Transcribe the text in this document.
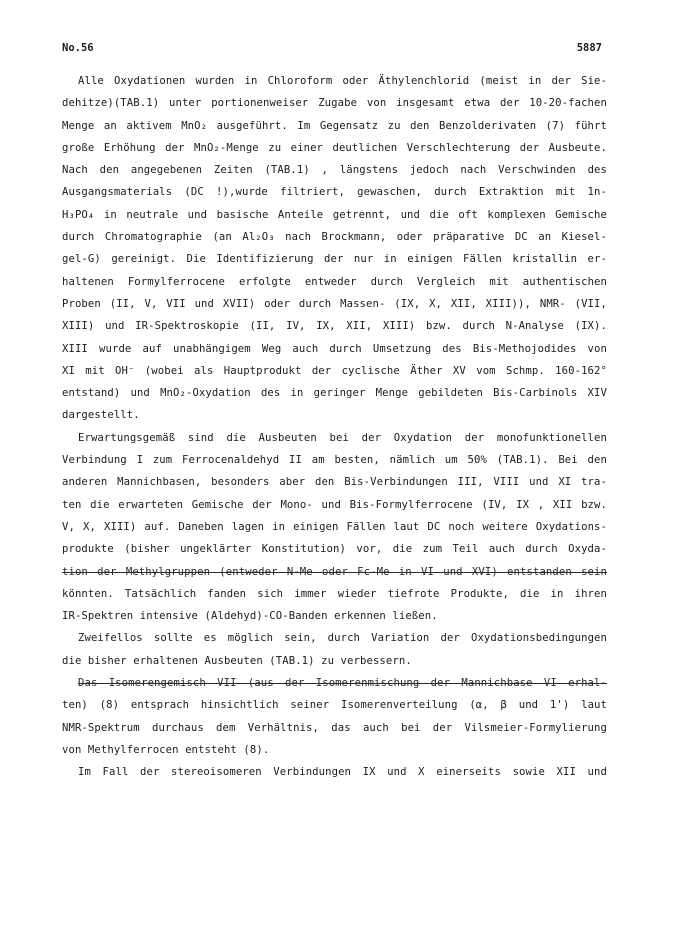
No.56	5887
Alle Oxydationen wurden in Chloroform oder Äthylenchlorid (meist in der Sie-
dehitze)(TAB.1) unter portionenweiser Zugabe von insgesamt etwa der 10-20-fachen
Menge an aktivem MnO₂ ausgeführt. Im Gegensatz zu den Benzolderivaten (7) führt
große Erhöhung der MnO₂-Menge zu einer deutlichen Verschlechterung der Ausbeute.
Nach den angegebenen Zeiten (TAB.1) , längstens jedoch nach Verschwinden des
Ausgangsmaterials (DC !),wurde filtriert, gewaschen, durch Extraktion mit 1n-
H₃PO₄ in neutrale und basische Anteile getrennt, und die oft komplexen Gemische
durch Chromatographie (an Al₂O₃ nach Brockmann, oder präparative DC an Kiesel-
gel-G) gereinigt. Die Identifizierung der nur in einigen Fällen kristallin er-
haltenen Formylferrocene erfolgte entweder durch Vergleich mit authentischen
Proben (II, V, VII und XVII) oder durch Massen- (IX, X, XII, XIII)), NMR- (VII,
XIII) und IR-Spektroskopie (II, IV, IX, XII, XIII) bzw. durch N-Analyse (IX).
XIII wurde auf unabhängigem Weg auch durch Umsetzung des Bis-Methojodides von
XI mit OH⁻ (wobei als Hauptprodukt der cyclische Äther XV vom Schmp. 160-162°
entstand) und MnO₂-Oxydation des in geringer Menge gebildeten Bis-Carbinols XIV
dargestellt.
Erwartungsgemäß sind die Ausbeuten bei der Oxydation der monofunktionellen
Verbindung I zum Ferrocenaldehyd II am besten, nämlich um 50% (TAB.1). Bei den
anderen Mannichbasen, besonders aber den Bis-Verbindungen III, VIII und XI tra-
ten die erwarteten Gemische der Mono- und Bis-Formylferrocene (IV, IX , XII bzw.
V, X, XIII) auf. Daneben lagen in einigen Fällen laut DC noch weitere Oxydations-
produkte (bisher ungeklärter Konstitution) vor, die zum Teil auch durch Oxyda-
tion der Methylgruppen (entweder N-Me oder Fc-Me in VI und XVI) entstanden sein
könnten. Tatsächlich fanden sich immer wieder tiefrote Produkte, die in ihren
IR-Spektren intensive (Aldehyd)-CO-Banden erkennen ließen.
Zweifellos sollte es möglich sein, durch Variation der Oxydationsbedingungen
die bisher erhaltenen Ausbeuten (TAB.1) zu verbessern.
Das Isomerengemisch VII (aus der Isomerenmischung der Mannichbase VI erhal-
ten) (8) entsprach hinsichtlich seiner Isomerenverteilung (α, β und 1') laut
NMR-Spektrum durchaus dem Verhältnis, das auch bei der Vilsmeier-Formylierung
von Methylferrocen entsteht (8).
Im Fall der stereoisomeren Verbindungen IX und X einerseits sowie XII und
